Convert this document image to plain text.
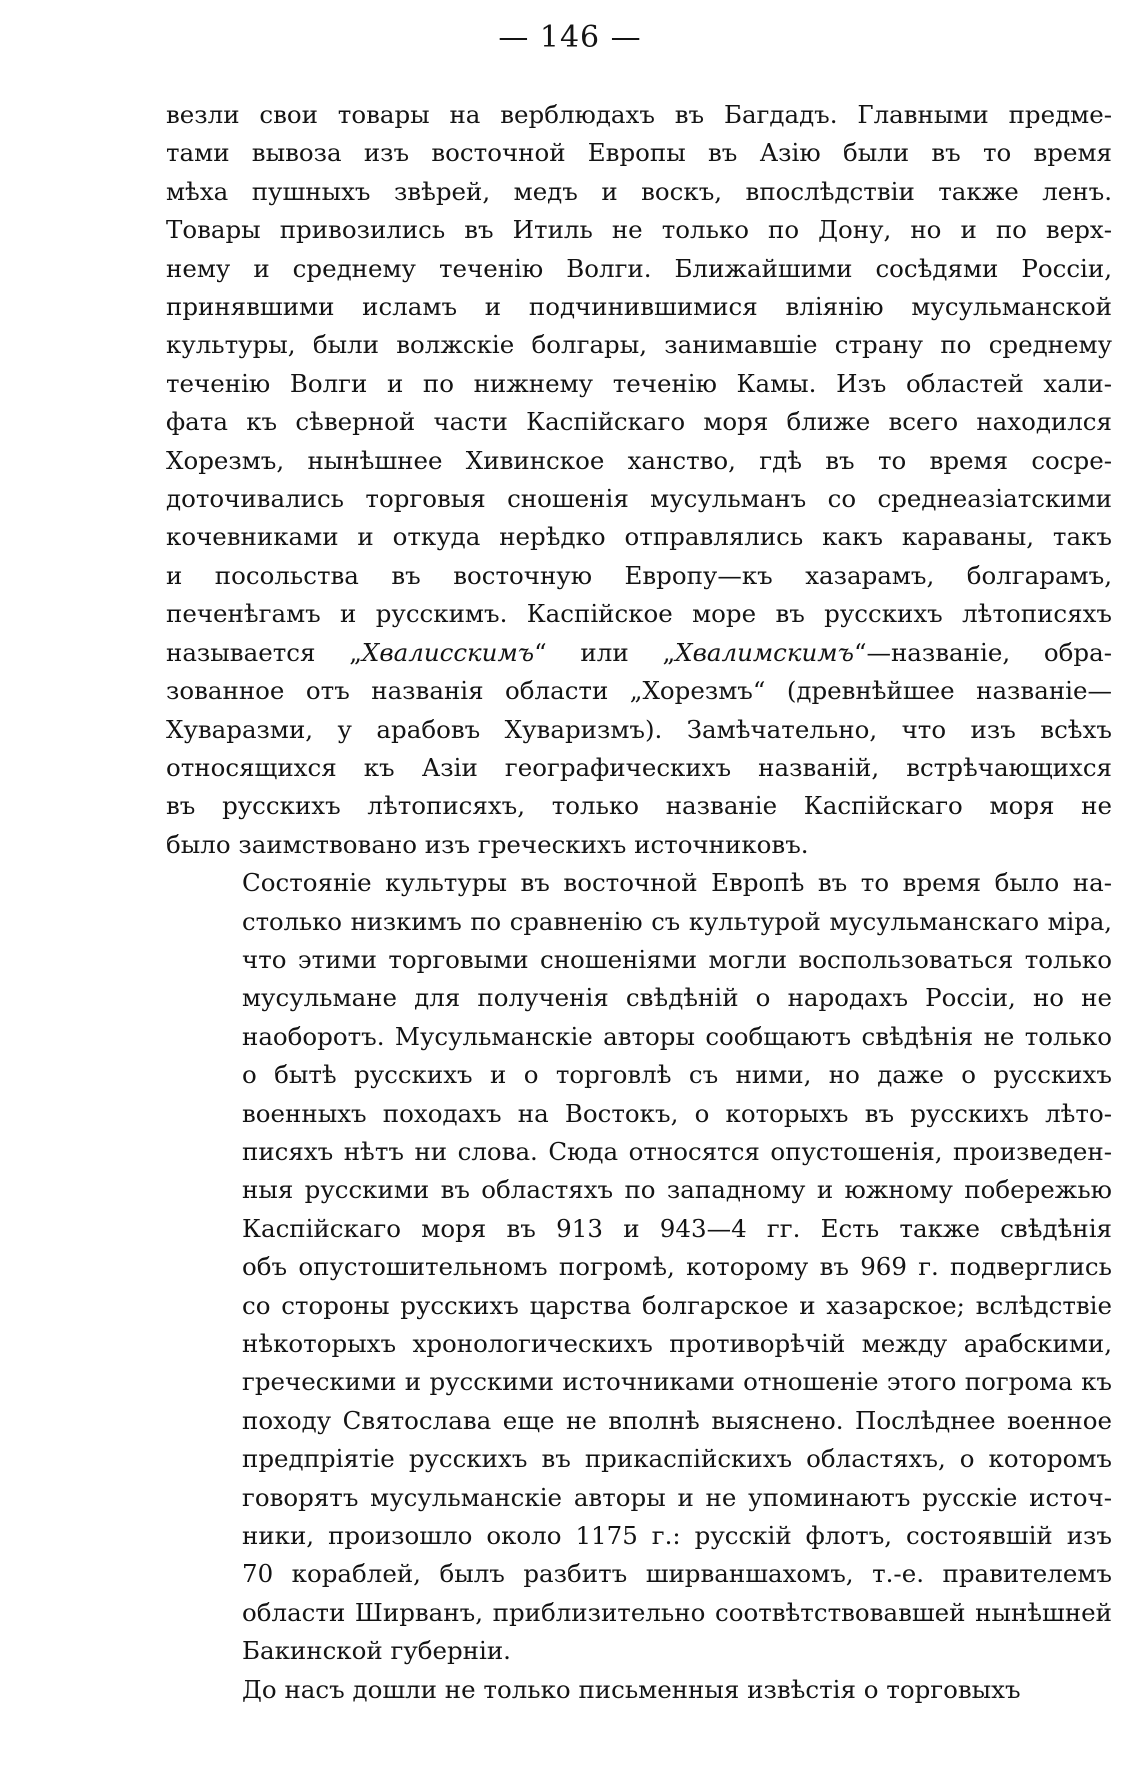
— 146 —

везли свои товары на верблюдахъ въ Багдадъ. Главными предме-
тами вывоза изъ восточной Европы въ Азію были въ то время
мѣха пушныхъ звѣрей, медъ и воскъ, впослѣдствіи также ленъ.
Товары привозились въ Итиль не только по Дону, но и по верх-
нему и среднему теченію Волги. Ближайшими сосѣдями Россіи,
принявшими исламъ и подчинившимися вліянію мусульманской
культуры, были волжскіе болгары, занимавшіе страну по среднему
теченію Волги и по нижнему теченію Камы. Изъ областей хали-
фата къ сѣверной части Каспійскаго моря ближе всего находился
Хорезмъ, нынѣшнее Хивинское ханство, гдѣ въ то время сосре-
доточивались торговыя сношенія мусульманъ со среднеазіатскими
кочевниками и откуда нерѣдко отправлялись какъ караваны, такъ
и посольства въ восточную Европу—къ хазарамъ, болгарамъ,
печенѣгамъ и русскимъ. Каспійское море въ русскихъ лѣтописяхъ
называется „Хвалисскимъ“ или „Хвалимскимъ“—названіе, обра-
зованное отъ названія области „Хорезмъ“ (древнѣйшее названіе—
Хуваразми, у арабовъ Хуваризмъ). Замѣчательно, что изъ всѣхъ
относящихся къ Азіи географическихъ названій, встрѣчающихся
въ русскихъ лѣтописяхъ, только названіе Каспійскаго моря не
было заимствовано изъ греческихъ источниковъ.

Состояніе культуры въ восточной Европѣ въ то время было на-
столько низкимъ по сравненію съ культурой мусульманскаго міра,
что этими торговыми сношеніями могли воспользоваться только
мусульмане для полученія свѣдѣній о народахъ Россіи, но не
наоборотъ. Мусульманскіе авторы сообщаютъ свѣдѣнія не только
о бытѣ русскихъ и о торговлѣ съ ними, но даже о русскихъ
военныхъ походахъ на Востокъ, о которыхъ въ русскихъ лѣто-
писяхъ нѣтъ ни слова. Сюда относятся опустошенія, произведен-
ныя русскими въ областяхъ по западному и южному побережью
Каспійскаго моря въ 913 и 943—4 гг. Есть также свѣдѣнія
объ опустошительномъ погромѣ, которому въ 969 г. подверглись
со стороны русскихъ царства болгарское и хазарское; вслѣдствіе
нѣкоторыхъ хронологическихъ противорѣчій между арабскими,
греческими и русскими источниками отношеніе этого погрома къ
походу Святослава еще не вполнѣ выяснено. Послѣднее военное
предпріятіе русскихъ въ прикаспійскихъ областяхъ, о которомъ
говорятъ мусульманскіе авторы и не упоминаютъ русскіе источ-
ники, произошло около 1175 г.: русскій флотъ, состоявшій изъ
70 кораблей, былъ разбитъ ширваншахомъ, т.-е. правителемъ
области Ширванъ, приблизительно соотвѣтствовавшей нынѣшней
Бакинской губерніи.

До насъ дошли не только письменныя извѣстія о торговыхъ
